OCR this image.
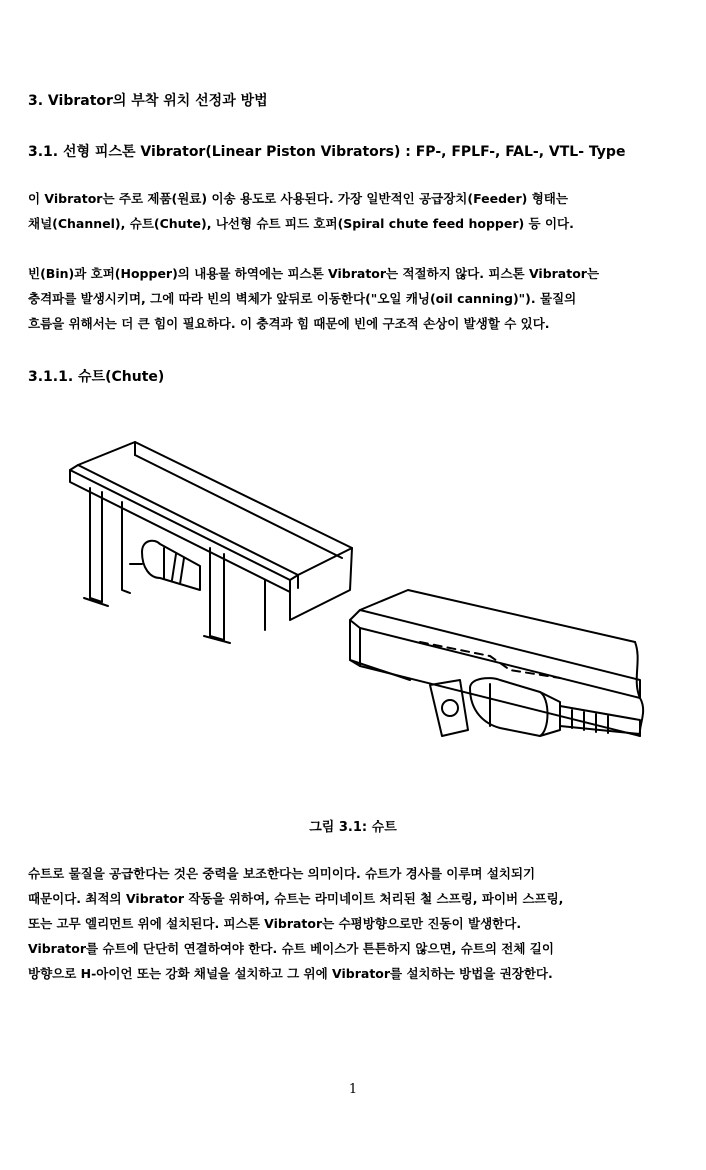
3. Vibrator의 부착 위치 선정과 방법
3.1. 선형 피스톤 Vibrator(Linear Piston Vibrators) : FP-, FPLF-, FAL-, VTL- Type
이 Vibrator는 주로 제품(원료) 이송 용도로 사용된다. 가장 일반적인 공급장치(Feeder) 형태는
채널(Channel), 슈트(Chute), 나선형 슈트 피드 호퍼(Spiral chute feed hopper) 등 이다.
빈(Bin)과 호퍼(Hopper)의 내용물 하역에는 피스톤 Vibrator는 적절하지 않다. 피스톤 Vibrator는
충격파를 발생시키며, 그에 따라 빈의 벽체가 앞뒤로 이동한다("오일 캐닝(oil canning)"). 물질의
흐름을 위해서는 더 큰 힘이 필요하다. 이 충격과 힘 때문에 빈에 구조적 손상이 발생할 수 있다.
3.1.1. 슈트(Chute)
그림 3.1: 슈트
슈트로 물질을 공급한다는 것은 중력을 보조한다는 의미이다. 슈트가 경사를 이루며 설치되기
때문이다. 최적의 Vibrator 작동을 위하여, 슈트는 라미네이트 처리된 철 스프링, 파이버 스프링,
또는 고무 엘리먼트 위에 설치된다. 피스톤 Vibrator는 수평방향으로만 진동이 발생한다.
Vibrator를 슈트에 단단히 연결하여야 한다. 슈트 베이스가 튼튼하지 않으면, 슈트의 전체 길이
방향으로 H-아이언 또는 강화 채널을 설치하고 그 위에 Vibrator를 설치하는 방법을 권장한다.
1
